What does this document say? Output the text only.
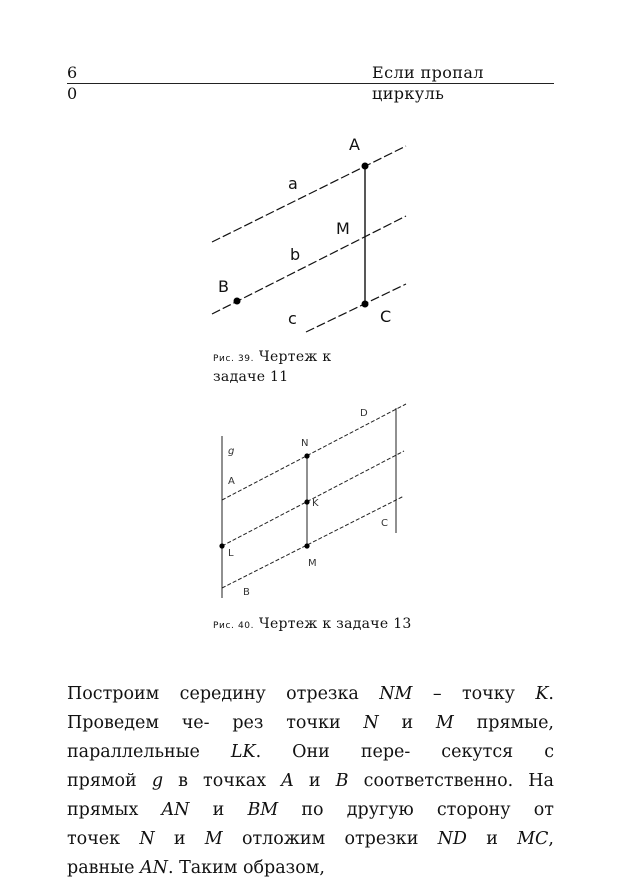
60
Если пропал циркуль
A
a
M
b
B
c	C
Рис. 39. Чертеж к задаче 11
g
N
D
A
K
C
L
M
B
Рис. 40. Чертеж к задаче 13
Построим середину отрезка NM – точку K.
Проведем че- рез точки N и M прямые,
параллельные LK. Они пере- секутся с
прямой g в точках A и B соответственно. На
прямых AN и BM по другую сторону от
точек N и M отложим отрезки ND и MC,
равные AN. Таким образом,
